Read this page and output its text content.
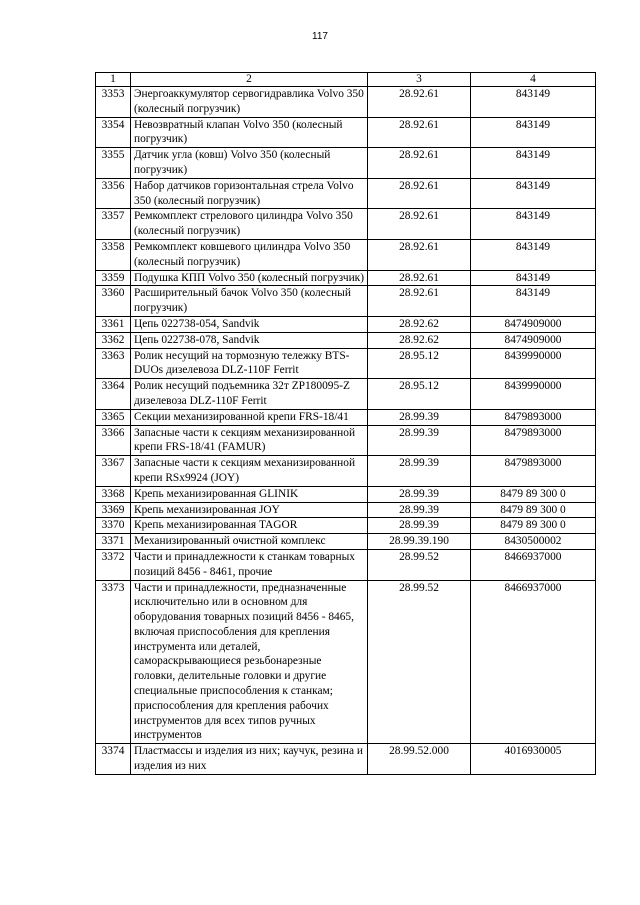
117
1	2	3	4
3353	Энергоаккумулятор сервогидравлика Volvo 350 (колесный погрузчик)	28.92.61	843149
3354	Невозвратный клапан Volvo 350 (колесный погрузчик)	28.92.61	843149
3355	Датчик угла (ковш) Volvo 350 (колесный погрузчик)	28.92.61	843149
3356	Набор датчиков горизонтальная стрела Volvo 350 (колесный погрузчик)	28.92.61	843149
3357	Ремкомплект стрелового цилиндра Volvo 350 (колесный погрузчик)	28.92.61	843149
3358	Ремкомплект ковшевого цилиндра Volvo 350 (колесный погрузчик)	28.92.61	843149
3359	Подушка КПП Volvo 350 (колесный погрузчик)	28.92.61	843149
3360	Расширительный бачок Volvo 350 (колесный погрузчик)	28.92.61	843149
3361	Цепь 022738-054, Sandvik	28.92.62	8474909000
3362	Цепь 022738-078, Sandvik	28.92.62	8474909000
3363	Ролик несущий на тормозную тележку BTS-DUOs дизелевоза DLZ-110F Ferrit	28.95.12	8439990000
3364	Ролик несущий подъемника 32т ZP180095-Z дизелевоза DLZ-110F Ferrit	28.95.12	8439990000
3365	Секции механизированной крепи FRS-18/41	28.99.39	8479893000
3366	Запасные части к секциям механизированной крепи FRS-18/41 (FAMUR)	28.99.39	8479893000
3367	Запасные части к секциям механизированной крепи RSx9924 (JOY)	28.99.39	8479893000
3368	Крепь механизированная GLINIK	28.99.39	8479 89 300 0
3369	Крепь механизированная JOY	28.99.39	8479 89 300 0
3370	Крепь механизированная TAGOR	28.99.39	8479 89 300 0
3371	Механизированный очистной комплекс	28.99.39.190	8430500002
3372	Части и принадлежности к станкам товарных позиций 8456 - 8461, прочие	28.99.52	8466937000
3373	Части и принадлежности, предназначенные исключительно или в основном для оборудования товарных позиций 8456 - 8465, включая приспособления для крепления инструмента или деталей, самораскрывающиеся резьбонарезные головки, делительные головки и другие специальные приспособления к станкам; приспособления для крепления рабочих инструментов для всех типов ручных инструментов	28.99.52	8466937000
3374	Пластмассы и изделия из них; каучук, резина и изделия из них	28.99.52.000	4016930005
